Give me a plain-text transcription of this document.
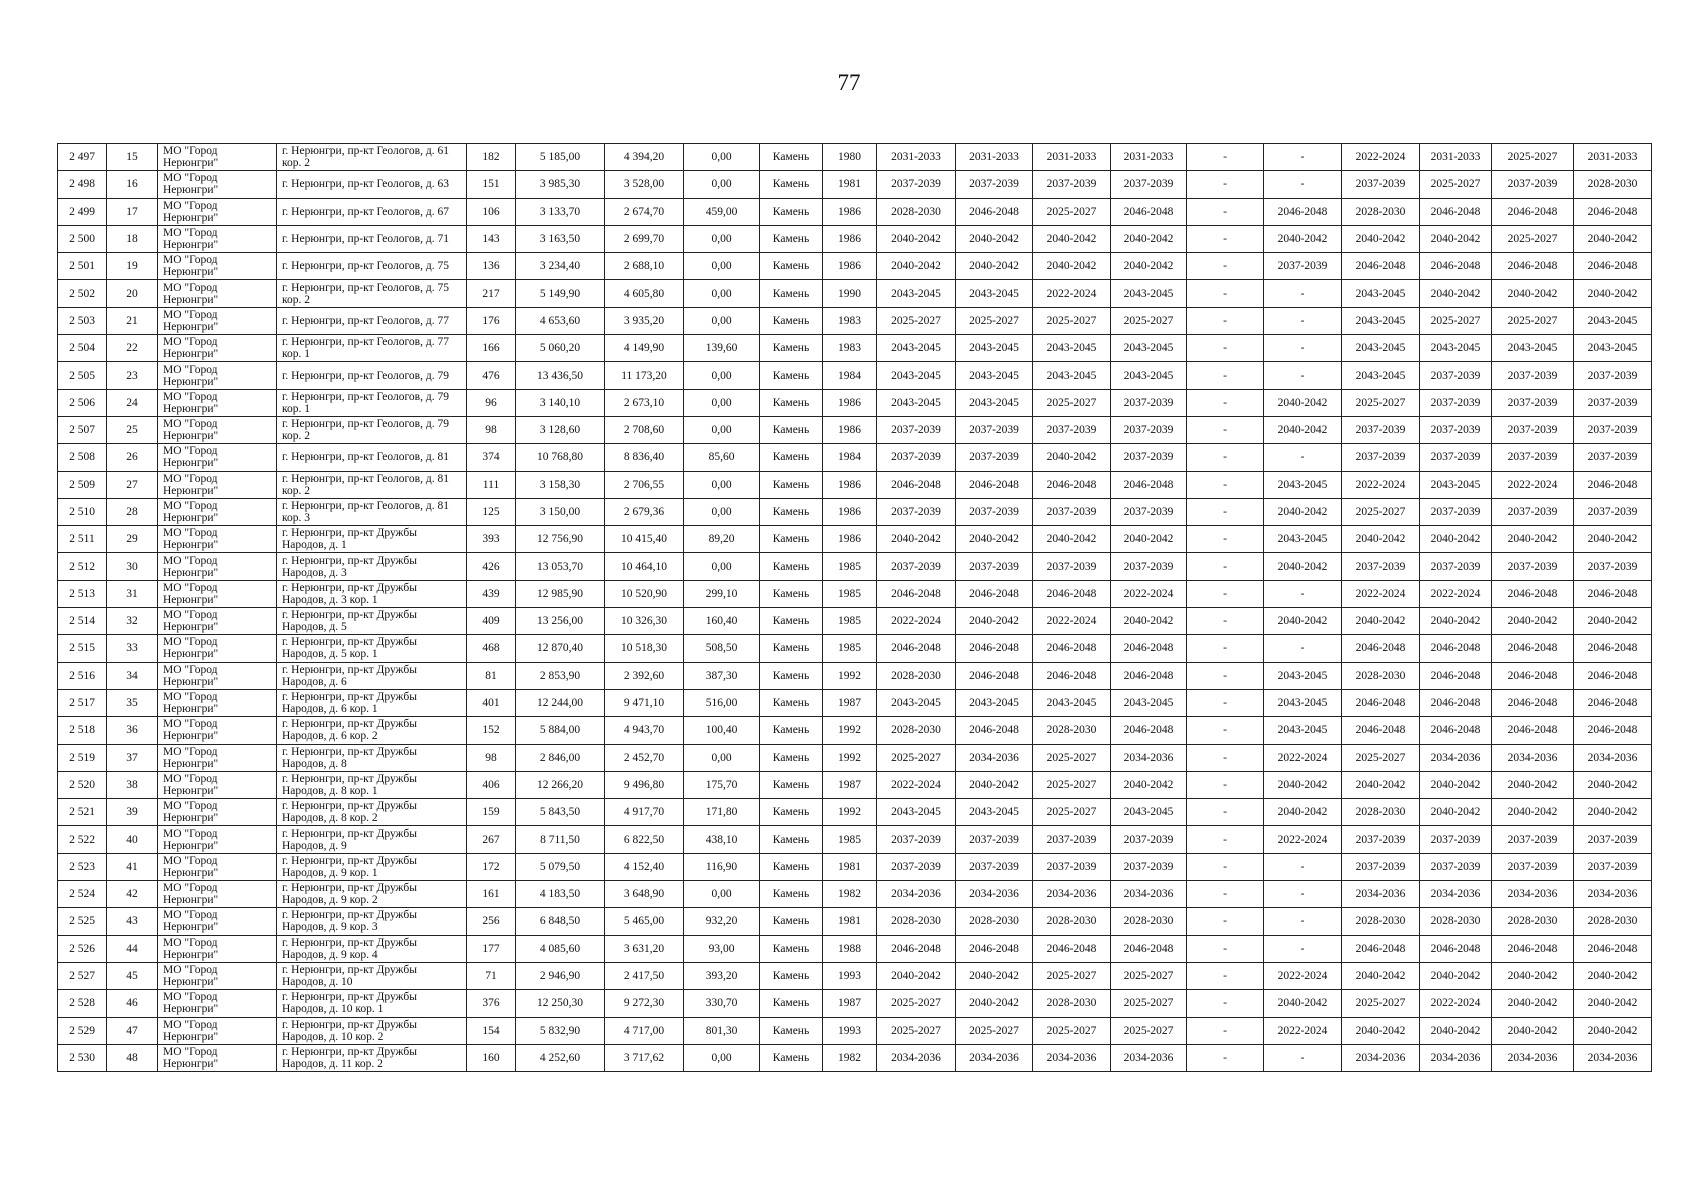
77
2 497	15	МО "Город Нерюнгри"	г. Нерюнгри, пр-кт Геологов, д. 61 кор. 2	182	5 185,00	4 394,20	0,00	Камень	1980	2031-2033	2031-2033	2031-2033	2031-2033	-	-	2022-2024	2031-2033	2025-2027	2031-2033
2 498	16	МО "Город Нерюнгри"	г. Нерюнгри, пр-кт Геологов, д. 63	151	3 985,30	3 528,00	0,00	Камень	1981	2037-2039	2037-2039	2037-2039	2037-2039	-	-	2037-2039	2025-2027	2037-2039	2028-2030
2 499	17	МО "Город Нерюнгри"	г. Нерюнгри, пр-кт Геологов, д. 67	106	3 133,70	2 674,70	459,00	Камень	1986	2028-2030	2046-2048	2025-2027	2046-2048	-	2046-2048	2028-2030	2046-2048	2046-2048	2046-2048
2 500	18	МО "Город Нерюнгри"	г. Нерюнгри, пр-кт Геологов, д. 71	143	3 163,50	2 699,70	0,00	Камень	1986	2040-2042	2040-2042	2040-2042	2040-2042	-	2040-2042	2040-2042	2040-2042	2025-2027	2040-2042
2 501	19	МО "Город Нерюнгри"	г. Нерюнгри, пр-кт Геологов, д. 75	136	3 234,40	2 688,10	0,00	Камень	1986	2040-2042	2040-2042	2040-2042	2040-2042	-	2037-2039	2046-2048	2046-2048	2046-2048	2046-2048
2 502	20	МО "Город Нерюнгри"	г. Нерюнгри, пр-кт Геологов, д. 75 кор. 2	217	5 149,90	4 605,80	0,00	Камень	1990	2043-2045	2043-2045	2022-2024	2043-2045	-	-	2043-2045	2040-2042	2040-2042	2040-2042
2 503	21	МО "Город Нерюнгри"	г. Нерюнгри, пр-кт Геологов, д. 77	176	4 653,60	3 935,20	0,00	Камень	1983	2025-2027	2025-2027	2025-2027	2025-2027	-	-	2043-2045	2025-2027	2025-2027	2043-2045
2 504	22	МО "Город Нерюнгри"	г. Нерюнгри, пр-кт Геологов, д. 77 кор. 1	166	5 060,20	4 149,90	139,60	Камень	1983	2043-2045	2043-2045	2043-2045	2043-2045	-	-	2043-2045	2043-2045	2043-2045	2043-2045
2 505	23	МО "Город Нерюнгри"	г. Нерюнгри, пр-кт Геологов, д. 79	476	13 436,50	11 173,20	0,00	Камень	1984	2043-2045	2043-2045	2043-2045	2043-2045	-	-	2043-2045	2037-2039	2037-2039	2037-2039
2 506	24	МО "Город Нерюнгри"	г. Нерюнгри, пр-кт Геологов, д. 79 кор. 1	96	3 140,10	2 673,10	0,00	Камень	1986	2043-2045	2043-2045	2025-2027	2037-2039	-	2040-2042	2025-2027	2037-2039	2037-2039	2037-2039
2 507	25	МО "Город Нерюнгри"	г. Нерюнгри, пр-кт Геологов, д. 79 кор. 2	98	3 128,60	2 708,60	0,00	Камень	1986	2037-2039	2037-2039	2037-2039	2037-2039	-	2040-2042	2037-2039	2037-2039	2037-2039	2037-2039
2 508	26	МО "Город Нерюнгри"	г. Нерюнгри, пр-кт Геологов, д. 81	374	10 768,80	8 836,40	85,60	Камень	1984	2037-2039	2037-2039	2040-2042	2037-2039	-	-	2037-2039	2037-2039	2037-2039	2037-2039
2 509	27	МО "Город Нерюнгри"	г. Нерюнгри, пр-кт Геологов, д. 81 кор. 2	111	3 158,30	2 706,55	0,00	Камень	1986	2046-2048	2046-2048	2046-2048	2046-2048	-	2043-2045	2022-2024	2043-2045	2022-2024	2046-2048
2 510	28	МО "Город Нерюнгри"	г. Нерюнгри, пр-кт Геологов, д. 81 кор. 3	125	3 150,00	2 679,36	0,00	Камень	1986	2037-2039	2037-2039	2037-2039	2037-2039	-	2040-2042	2025-2027	2037-2039	2037-2039	2037-2039
2 511	29	МО "Город Нерюнгри"	г. Нерюнгри, пр-кт Дружбы Народов, д. 1	393	12 756,90	10 415,40	89,20	Камень	1986	2040-2042	2040-2042	2040-2042	2040-2042	-	2043-2045	2040-2042	2040-2042	2040-2042	2040-2042
2 512	30	МО "Город Нерюнгри"	г. Нерюнгри, пр-кт Дружбы Народов, д. 3	426	13 053,70	10 464,10	0,00	Камень	1985	2037-2039	2037-2039	2037-2039	2037-2039	-	2040-2042	2037-2039	2037-2039	2037-2039	2037-2039
2 513	31	МО "Город Нерюнгри"	г. Нерюнгри, пр-кт Дружбы Народов, д. 3 кор. 1	439	12 985,90	10 520,90	299,10	Камень	1985	2046-2048	2046-2048	2046-2048	2022-2024	-	-	2022-2024	2022-2024	2046-2048	2046-2048
2 514	32	МО "Город Нерюнгри"	г. Нерюнгри, пр-кт Дружбы Народов, д. 5	409	13 256,00	10 326,30	160,40	Камень	1985	2022-2024	2040-2042	2022-2024	2040-2042	-	2040-2042	2040-2042	2040-2042	2040-2042	2040-2042
2 515	33	МО "Город Нерюнгри"	г. Нерюнгри, пр-кт Дружбы Народов, д. 5 кор. 1	468	12 870,40	10 518,30	508,50	Камень	1985	2046-2048	2046-2048	2046-2048	2046-2048	-	-	2046-2048	2046-2048	2046-2048	2046-2048
2 516	34	МО "Город Нерюнгри"	г. Нерюнгри, пр-кт Дружбы Народов, д. 6	81	2 853,90	2 392,60	387,30	Камень	1992	2028-2030	2046-2048	2046-2048	2046-2048	-	2043-2045	2028-2030	2046-2048	2046-2048	2046-2048
2 517	35	МО "Город Нерюнгри"	г. Нерюнгри, пр-кт Дружбы Народов, д. 6 кор. 1	401	12 244,00	9 471,10	516,00	Камень	1987	2043-2045	2043-2045	2043-2045	2043-2045	-	2043-2045	2046-2048	2046-2048	2046-2048	2046-2048
2 518	36	МО "Город Нерюнгри"	г. Нерюнгри, пр-кт Дружбы Народов, д. 6 кор. 2	152	5 884,00	4 943,70	100,40	Камень	1992	2028-2030	2046-2048	2028-2030	2046-2048	-	2043-2045	2046-2048	2046-2048	2046-2048	2046-2048
2 519	37	МО "Город Нерюнгри"	г. Нерюнгри, пр-кт Дружбы Народов, д. 8	98	2 846,00	2 452,70	0,00	Камень	1992	2025-2027	2034-2036	2025-2027	2034-2036	-	2022-2024	2025-2027	2034-2036	2034-2036	2034-2036
2 520	38	МО "Город Нерюнгри"	г. Нерюнгри, пр-кт Дружбы Народов, д. 8 кор. 1	406	12 266,20	9 496,80	175,70	Камень	1987	2022-2024	2040-2042	2025-2027	2040-2042	-	2040-2042	2040-2042	2040-2042	2040-2042	2040-2042
2 521	39	МО "Город Нерюнгри"	г. Нерюнгри, пр-кт Дружбы Народов, д. 8 кор. 2	159	5 843,50	4 917,70	171,80	Камень	1992	2043-2045	2043-2045	2025-2027	2043-2045	-	2040-2042	2028-2030	2040-2042	2040-2042	2040-2042
2 522	40	МО "Город Нерюнгри"	г. Нерюнгри, пр-кт Дружбы Народов, д. 9	267	8 711,50	6 822,50	438,10	Камень	1985	2037-2039	2037-2039	2037-2039	2037-2039	-	2022-2024	2037-2039	2037-2039	2037-2039	2037-2039
2 523	41	МО "Город Нерюнгри"	г. Нерюнгри, пр-кт Дружбы Народов, д. 9 кор. 1	172	5 079,50	4 152,40	116,90	Камень	1981	2037-2039	2037-2039	2037-2039	2037-2039	-	-	2037-2039	2037-2039	2037-2039	2037-2039
2 524	42	МО "Город Нерюнгри"	г. Нерюнгри, пр-кт Дружбы Народов, д. 9 кор. 2	161	4 183,50	3 648,90	0,00	Камень	1982	2034-2036	2034-2036	2034-2036	2034-2036	-	-	2034-2036	2034-2036	2034-2036	2034-2036
2 525	43	МО "Город Нерюнгри"	г. Нерюнгри, пр-кт Дружбы Народов, д. 9 кор. 3	256	6 848,50	5 465,00	932,20	Камень	1981	2028-2030	2028-2030	2028-2030	2028-2030	-	-	2028-2030	2028-2030	2028-2030	2028-2030
2 526	44	МО "Город Нерюнгри"	г. Нерюнгри, пр-кт Дружбы Народов, д. 9 кор. 4	177	4 085,60	3 631,20	93,00	Камень	1988	2046-2048	2046-2048	2046-2048	2046-2048	-	-	2046-2048	2046-2048	2046-2048	2046-2048
2 527	45	МО "Город Нерюнгри"	г. Нерюнгри, пр-кт Дружбы Народов, д. 10	71	2 946,90	2 417,50	393,20	Камень	1993	2040-2042	2040-2042	2025-2027	2025-2027	-	2022-2024	2040-2042	2040-2042	2040-2042	2040-2042
2 528	46	МО "Город Нерюнгри"	г. Нерюнгри, пр-кт Дружбы Народов, д. 10 кор. 1	376	12 250,30	9 272,30	330,70	Камень	1987	2025-2027	2040-2042	2028-2030	2025-2027	-	2040-2042	2025-2027	2022-2024	2040-2042	2040-2042
2 529	47	МО "Город Нерюнгри"	г. Нерюнгри, пр-кт Дружбы Народов, д. 10 кор. 2	154	5 832,90	4 717,00	801,30	Камень	1993	2025-2027	2025-2027	2025-2027	2025-2027	-	2022-2024	2040-2042	2040-2042	2040-2042	2040-2042
2 530	48	МО "Город Нерюнгри"	г. Нерюнгри, пр-кт Дружбы Народов, д. 11 кор. 2	160	4 252,60	3 717,62	0,00	Камень	1982	2034-2036	2034-2036	2034-2036	2034-2036	-	-	2034-2036	2034-2036	2034-2036	2034-2036
